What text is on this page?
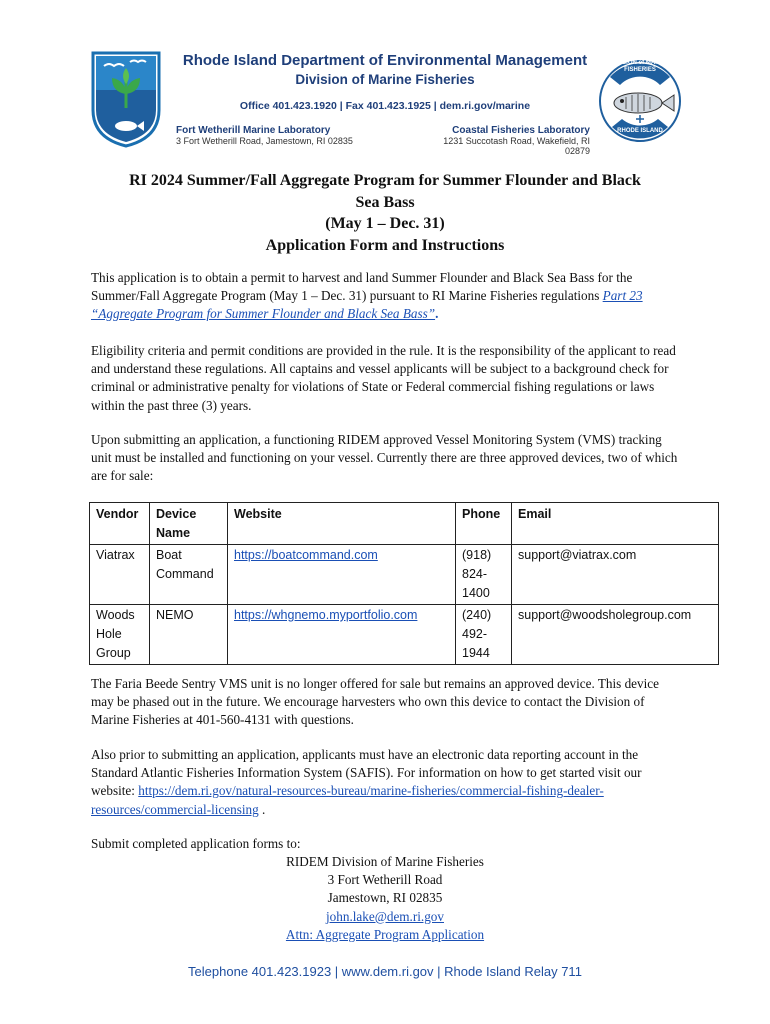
Rhode Island Department of Environmental Management
Division of Marine Fisheries
Office 401.423.1920 | Fax 401.423.1925 | dem.ri.gov/marine
Fort Wetherill Marine Laboratory
3 Fort Wetherill Road, Jamestown, RI 02835
Coastal Fisheries Laboratory
1231 Succotash Road, Wakefield, RI 02879
DIVISION of MARINE FISHERIES
RHODE ISLAND
RI 2024 Summer/Fall Aggregate Program for Summer Flounder and Black
Sea Bass
(May 1 – Dec. 31)
Application Form and Instructions

This application is to obtain a permit to harvest and land Summer Flounder and Black Sea Bass for the Summer/Fall Aggregate Program (May 1 – Dec. 31) pursuant to RI Marine Fisheries regulations Part 23 “Aggregate Program for Summer Flounder and Black Sea Bass”.

Eligibility criteria and permit conditions are provided in the rule. It is the responsibility of the applicant to read and understand these regulations. All captains and vessel applicants will be subject to a background check for criminal or administrative penalty for violations of State or Federal commercial fishing regulations or laws within the past three (3) years.

Upon submitting an application, a functioning RIDEM approved Vessel Monitoring System (VMS) tracking unit must be installed and functioning on your vessel. Currently there are three approved devices, two of which are for sale:

Vendor	Device Name	Website	Phone	Email
Viatrax	Boat Command	https://boatcommand.com	(918) 824-1400	support@viatrax.com
Woods Hole Group	NEMO	https://whgnemo.myportfolio.com	(240) 492-1944	support@woodsholegroup.com

The Faria Beede Sentry VMS unit is no longer offered for sale but remains an approved device. This device may be phased out in the future. We encourage harvesters who own this device to contact the Division of Marine Fisheries at 401-560-4131 with questions.

Also prior to submitting an application, applicants must have an electronic data reporting account in the Standard Atlantic Fisheries Information System (SAFIS). For information on how to get started visit our website: https://dem.ri.gov/natural-resources-bureau/marine-fisheries/commercial-fishing-dealer-resources/commercial-licensing .

Submit completed application forms to:

RIDEM Division of Marine Fisheries
3 Fort Wetherill Road
Jamestown, RI 02835
john.lake@dem.ri.gov
Attn: Aggregate Program Application
Telephone 401.423.1923 | www.dem.ri.gov | Rhode Island Relay 711
